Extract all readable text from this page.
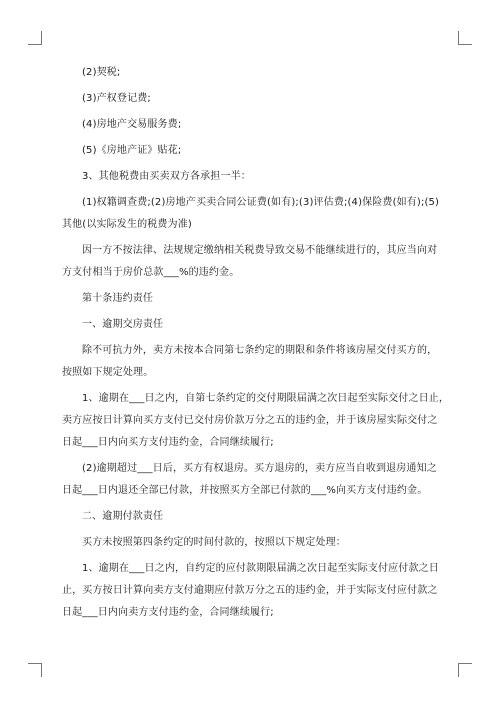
(2)契税;

(3)产权登记费;

(4)房地产交易服务费;

(5)《房地产证》贴花;

3、其他税费由买卖双方各承担一半：

(1)权籍调查费;(2)房地产买卖合同公证费(如有);(3)评估费;(4)保险费(如有);(5)

其他(以实际发生的税费为准)

因一方不按法律、法规规定缴纳相关税费导致交易不能继续进行的，其应当向对

方支付相当于房价总款___%的违约金。

第十条违约责任

一、逾期交房责任

除不可抗力外，卖方未按本合同第七条约定的期限和条件将该房屋交付买方的，

按照如下规定处理。

1、逾期在___日之内，自第七条约定的交付期限届满之次日起至实际交付之日止，

卖方应按日计算向买方支付已交付房价款万分之五的违约金，并于该房屋实际交付之

日起___日内向买方支付违约金，合同继续履行;

(2)逾期超过___日后，买方有权退房。买方退房的，卖方应当自收到退房通知之

日起___日内退还全部已付款，并按照买方全部已付款的___%向买方支付违约金。

二、逾期付款责任

买方未按照第四条约定的时间付款的，按照以下规定处理：

1、逾期在___日之内，自约定的应付款期限届满之次日起至实际支付应付款之日

止，买方按日计算向卖方支付逾期应付款万分之五的违约金，并于实际支付应付款之

日起___日内向卖方支付违约金，合同继续履行;
